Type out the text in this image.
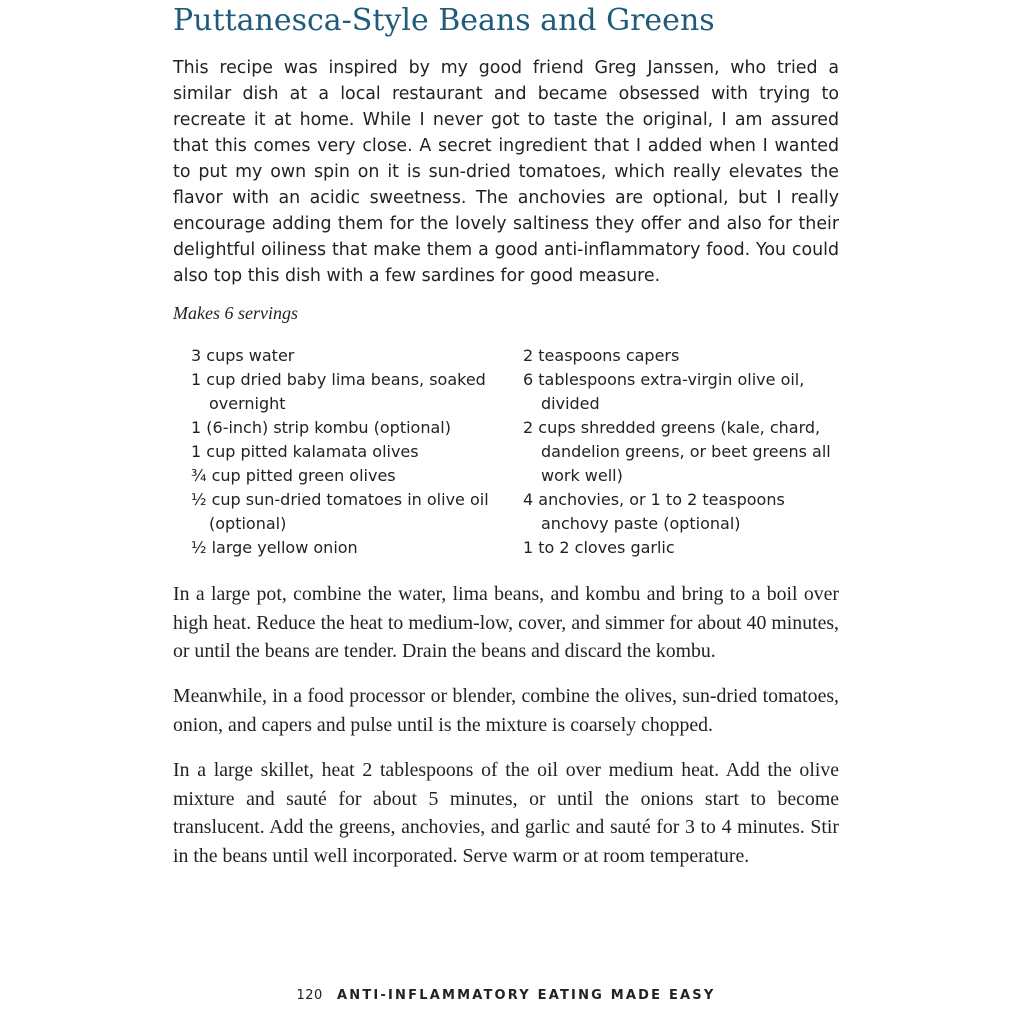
Puttanesca-Style Beans and Greens

This recipe was inspired by my good friend Greg Janssen, who tried a similar dish at a local restaurant and became obsessed with trying to recreate it at home. While I never got to taste the original, I am assured that this comes very close. A secret ingredient that I added when I wanted to put my own spin on it is sun-dried tomatoes, which really elevates the flavor with an acidic sweetness. The anchovies are optional, but I really encourage adding them for the lovely saltiness they offer and also for their delightful oiliness that make them a good anti-inflammatory food. You could also top this dish with a few sardines for good measure.

Makes 6 servings

3 cups water
1 cup dried baby lima beans, soaked overnight
1 (6-inch) strip kombu (optional)
1 cup pitted kalamata olives
¾ cup pitted green olives
½ cup sun-dried tomatoes in olive oil (optional)
½ large yellow onion
2 teaspoons capers
6 tablespoons extra-virgin olive oil, divided
2 cups shredded greens (kale, chard, dandelion greens, or beet greens all work well)
4 anchovies, or 1 to 2 teaspoons anchovy paste (optional)
1 to 2 cloves garlic

In a large pot, combine the water, lima beans, and kombu and bring to a boil over high heat. Reduce the heat to medium-low, cover, and simmer for about 40 minutes, or until the beans are tender. Drain the beans and discard the kombu.

Meanwhile, in a food processor or blender, combine the olives, sun-dried tomatoes, onion, and capers and pulse until is the mixture is coarsely chopped.

In a large skillet, heat 2 tablespoons of the oil over medium heat. Add the olive mixture and sauté for about 5 minutes, or until the onions start to become translucent. Add the greens, anchovies, and garlic and sauté for 3 to 4 minutes. Stir in the beans until well incorporated. Serve warm or at room temperature.

120 ANTI-INFLAMMATORY EATING MADE EASY
